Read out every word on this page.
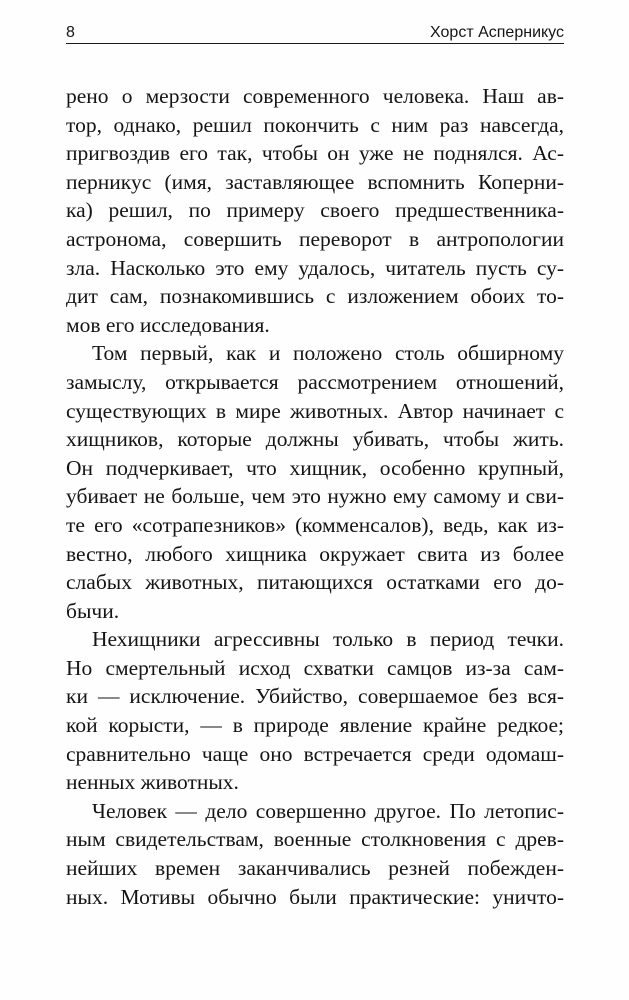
8	Хорст Асперникус
рено о мерзости современного человека. Наш ав-
тор, однако, решил покончить с ним раз навсегда,
пригвоздив его так, чтобы он уже не поднялся. Ас-
перникус (имя, заставляющее вспомнить Коперни-
ка) решил, по примеру своего предшественника-
астронома, совершить переворот в антропологии
зла. Насколько это ему удалось, читатель пусть су-
дит сам, познакомившись с изложением обоих то-
мов его исследования.
Том первый, как и положено столь обширному
замыслу, открывается рассмотрением отношений,
существующих в мире животных. Автор начинает с
хищников, которые должны убивать, чтобы жить.
Он подчеркивает, что хищник, особенно крупный,
убивает не больше, чем это нужно ему самому и сви-
те его «сотрапезников» (комменсалов), ведь, как из-
вестно, любого хищника окружает свита из более
слабых животных, питающихся остатками его до-
бычи.
Нехищники агрессивны только в период течки.
Но смертельный исход схватки самцов из-за сам-
ки — исключение. Убийство, совершаемое без вся-
кой корысти, — в природе явление крайне редкое;
сравнительно чаще оно встречается среди одомаш-
ненных животных.
Человек — дело совершенно другое. По летопис-
ным свидетельствам, военные столкновения с древ-
нейших времен заканчивались резней побежден-
ных. Мотивы обычно были практические: уничто-
